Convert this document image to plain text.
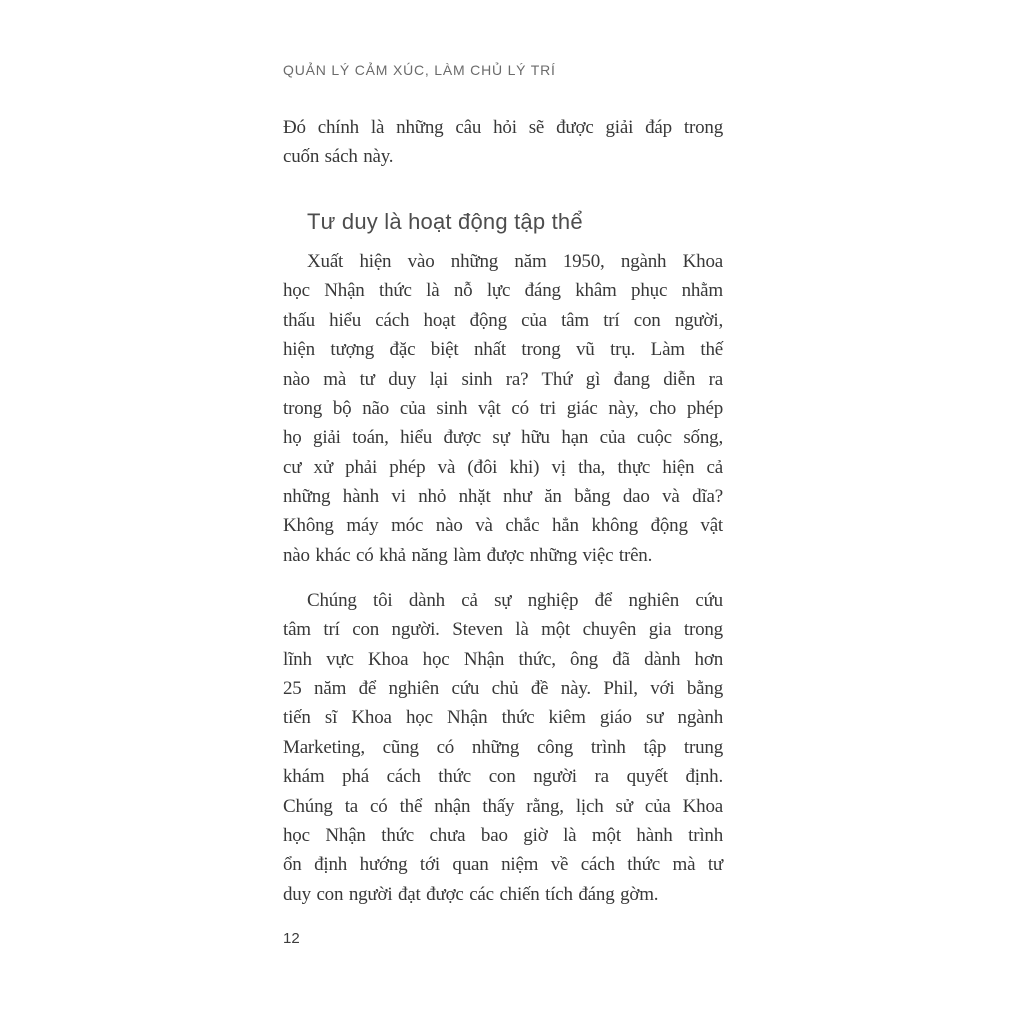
QUẢN LÝ CẢM XÚC, LÀM CHỦ LÝ TRÍ
Đó chính là những câu hỏi sẽ được giải đáp trong
cuốn sách này.
Tư duy là hoạt động tập thể
Xuất hiện vào những năm 1950, ngành Khoa
học Nhận thức là nỗ lực đáng khâm phục nhằm
thấu hiểu cách hoạt động của tâm trí con người,
hiện tượng đặc biệt nhất trong vũ trụ. Làm thế
nào mà tư duy lại sinh ra? Thứ gì đang diễn ra
trong bộ não của sinh vật có tri giác này, cho phép
họ giải toán, hiểu được sự hữu hạn của cuộc sống,
cư xử phải phép và (đôi khi) vị tha, thực hiện cả
những hành vi nhỏ nhặt như ăn bằng dao và dĩa?
Không máy móc nào và chắc hẳn không động vật
nào khác có khả năng làm được những việc trên.
Chúng tôi dành cả sự nghiệp để nghiên cứu
tâm trí con người. Steven là một chuyên gia trong
lĩnh vực Khoa học Nhận thức, ông đã dành hơn
25 năm để nghiên cứu chủ đề này. Phil, với bằng
tiến sĩ Khoa học Nhận thức kiêm giáo sư ngành
Marketing, cũng có những công trình tập trung
khám phá cách thức con người ra quyết định.
Chúng ta có thể nhận thấy rằng, lịch sử của Khoa
học Nhận thức chưa bao giờ là một hành trình
ổn định hướng tới quan niệm về cách thức mà tư
duy con người đạt được các chiến tích đáng gờm.
12
